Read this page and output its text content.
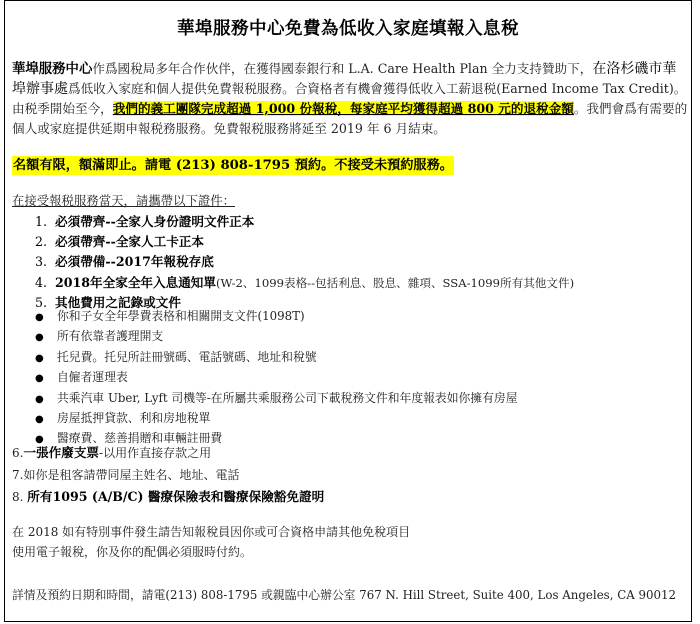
華埠服務中心免費為低收入家庭填報入息稅
華埠服務中心作爲國稅局多年合作伙伴，在獲得國泰銀行和 L.A. Care Health Plan 全力支持贊助下，在洛杉磯市華埠辦事處爲低收入家庭和個人提供免費報税服務。合資格者有機會獲得低收入工薪退税(Earned Income Tax Credit)。由税季開始至今，我們的義工團隊完成超過 1,000 份報稅，每家庭平均獲得超過 800 元的退稅金額。我們會爲有需要的個人或家庭提供延期申報税務服務。免費報税服務將延至 2019 年 6 月結束。
名額有限，額滿即止。請電 (213) 808-1795 預約。不接受未預約服務。
在接受報税服務當天，請攜帶以下證件：
1. 必須帶齊--全家人身份證明文件正本
2. 必須帶齊--全家人工卡正本
3. 必須帶備--2017年報稅存底
4. 2018年全家全年入息通知單(W-2、1099表格--包括利息、股息、雜項、SSA-1099所有其他文件)
5. 其他費用之記錄或文件
● 你和子女全年學費表格和相關開支文件(1098T)
● 所有依靠者護理開支
● 托兒費。托兒所註冊號碼、電話號碼、地址和稅號
● 自僱者運理表
● 共乘汽車 Uber, Lyft 司機等-在所屬共乘服務公司下載稅務文件和年度報表如你擁有房屋
● 房屋抵押貸款、利和房地稅單
● 醫療費、慈善捐贈和車輛註冊費
6.一張作廢支票-以用作直接存款之用
7.如你是租客請帶同屋主姓名、地址、電話
8. 所有1095 (A/B/C) 醫療保險表和醫療保險豁免證明
在 2018 如有特別事件發生請告知報稅員因你或可合資格申請其他免稅項目
使用電子報稅，你及你的配偶必須服時付約。
詳情及預約日期和時間，請電(213) 808-1795 或親臨中心辦公室 767 N. Hill Street, Suite 400, Los Angeles, CA 90012
